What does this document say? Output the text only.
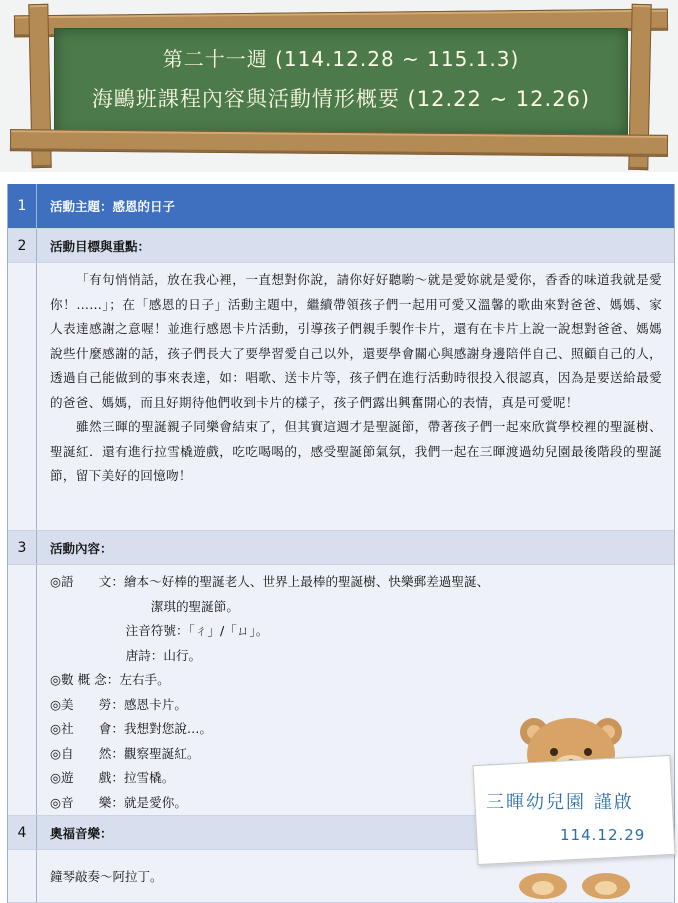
第二十一週 (114.12.28 ~ 115.1.3)
海鷗班課程內容與活動情形概要 (12.22 ~ 12.26)
1	活動主題：感恩的日子
2	活動目標與重點：

「有句悄悄話，放在我心裡，一直想對你說，請你好好聽喲～就是愛妳就是愛你，香香的味道我就是愛你！……」；在「感恩的日子」活動主題中，繼續帶領孩子們一起用可愛又溫馨的歌曲來對爸爸、媽媽、家人表達感謝之意喔！並進行感恩卡片活動，引導孩子們親手製作卡片，還有在卡片上說一說想對爸爸、媽媽說些什麼感謝的話，孩子們長大了要學習愛自己以外，還要學會關心與感謝身邊陪伴自己、照顧自己的人，透過自己能做到的事來表達，如：唱歌、送卡片等，孩子們在進行活動時很投入很認真，因為是要送給最愛的爸爸、媽媽，而且好期待他們收到卡片的樣子，孩子們露出興奮開心的表情，真是可愛呢！

雖然三暉的聖誕親子同樂會結束了，但其實這週才是聖誕節，帶著孩子們一起來欣賞學校裡的聖誕樹、聖誕紅．還有進行拉雪橇遊戲，吃吃喝喝的，感受聖誕節氣氛，我們一起在三暉渡過幼兒園最後階段的聖誕節，留下美好的回憶吻！

3	活動內容：
◎語　　文：繪本～好棒的聖誕老人、世界上最棒的聖誕樹、快樂郵差過聖誕、
　　　　　　　　潔琪的聖誕節。
　　　　　　注音符號：「ㄔ」/「ㄩ」。
　　　　　　唐詩：山行。
◎數 概 念：左右手。
◎美　　勞：感恩卡片。
◎社　　會：我想對您說…。
◎自　　然：觀察聖誕紅。
◎遊　　戲：拉雪橇。
◎音　　樂：就是愛你。
4	奧福音樂：
鐘琴敲奏～阿拉丁。
三暉幼兒園 謹啟
114.12.29
